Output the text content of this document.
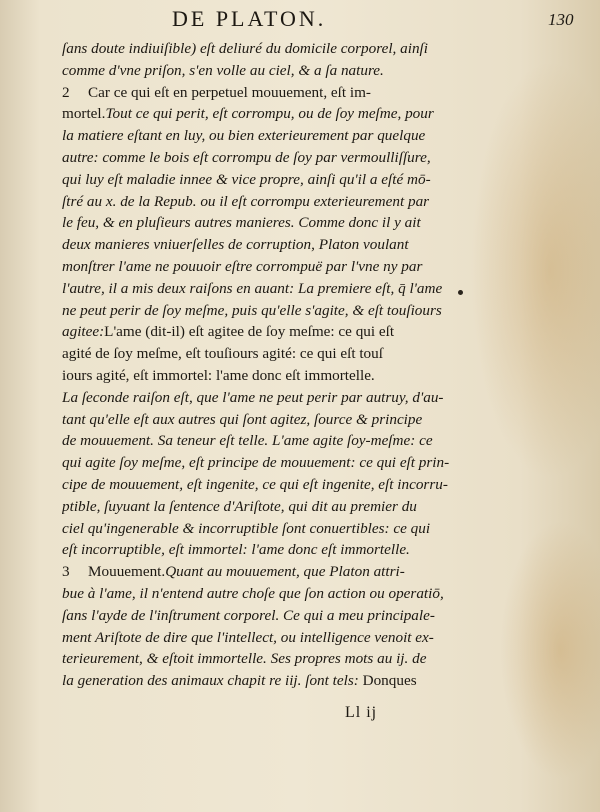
DE PLATON.	130
ſans doute indiuiſible) eſt deliuré du domicile corporel, ainſi
comme d'vne priſon, s'en volle au ciel, & a ſa nature.
2 Car ce qui eſt en perpetuel mouuement, eſt im-
mortel.Tout ce qui perit, eſt corrompu, ou de ſoy meſme, pour
la matiere eſtant en luy, ou bien exterieurement par quelque
autre: comme le bois eſt corrompu de ſoy par vermoulliſſure,
qui luy eſt maladie innee & vice propre, ainſi qu'il a eſté mō-
ſtré au x. de la Repub. ou il eſt corrompu exterieurement par
le feu, & en pluſieurs autres manieres. Comme donc il y ait
deux manieres vniuerſelles de corruption, Platon voulant
monſtrer l'ame ne pouuoir eſtre corrompuë par l'vne ny par
l'autre, il a mis deux raiſons en auant: La premiere eſt, q̄ l'ame
ne peut perir de ſoy meſme, puis qu'elle s'agite, & eſt touſiours
agitee:L'ame (dit-il) eſt agitee de ſoy meſme: ce qui eſt
agité de ſoy meſme, eſt touſiours agité: ce qui eſt touſ
iours agité, eſt immortel: l'ame donc eſt immortelle.
La ſeconde raiſon eſt, que l'ame ne peut perir par autruy, d'au-
tant qu'elle eſt aux autres qui ſont agitez, ſource & principe
de mouuement. Sa teneur eſt telle. L'ame agite ſoy-meſme: ce
qui agite ſoy meſme, eſt principe de mouuement: ce qui eſt prin-
cipe de mouuement, eſt ingenite, ce qui eſt ingenite, eſt incorru-
ptible, ſuyuant la ſentence d'Ariſtote, qui dit au premier du
ciel qu'ingenerable & incorruptible ſont conuertibles: ce qui
eſt incorruptible, eſt immortel: l'ame donc eſt immortelle.
3 Mouuement.Quant au mouuement, que Platon attri-
bue à l'ame, il n'entend autre choſe que ſon action ou operatiō,
ſans l'ayde de l'inſtrument corporel. Ce qui a meu principale-
ment Ariſtote de dire que l'intellect, ou intelligence venoit ex-
terieurement, & eſtoit immortelle. Ses propres mots au ij. de
la generation des animaux chapit re iij. ſont tels: Donques
Ll ij
